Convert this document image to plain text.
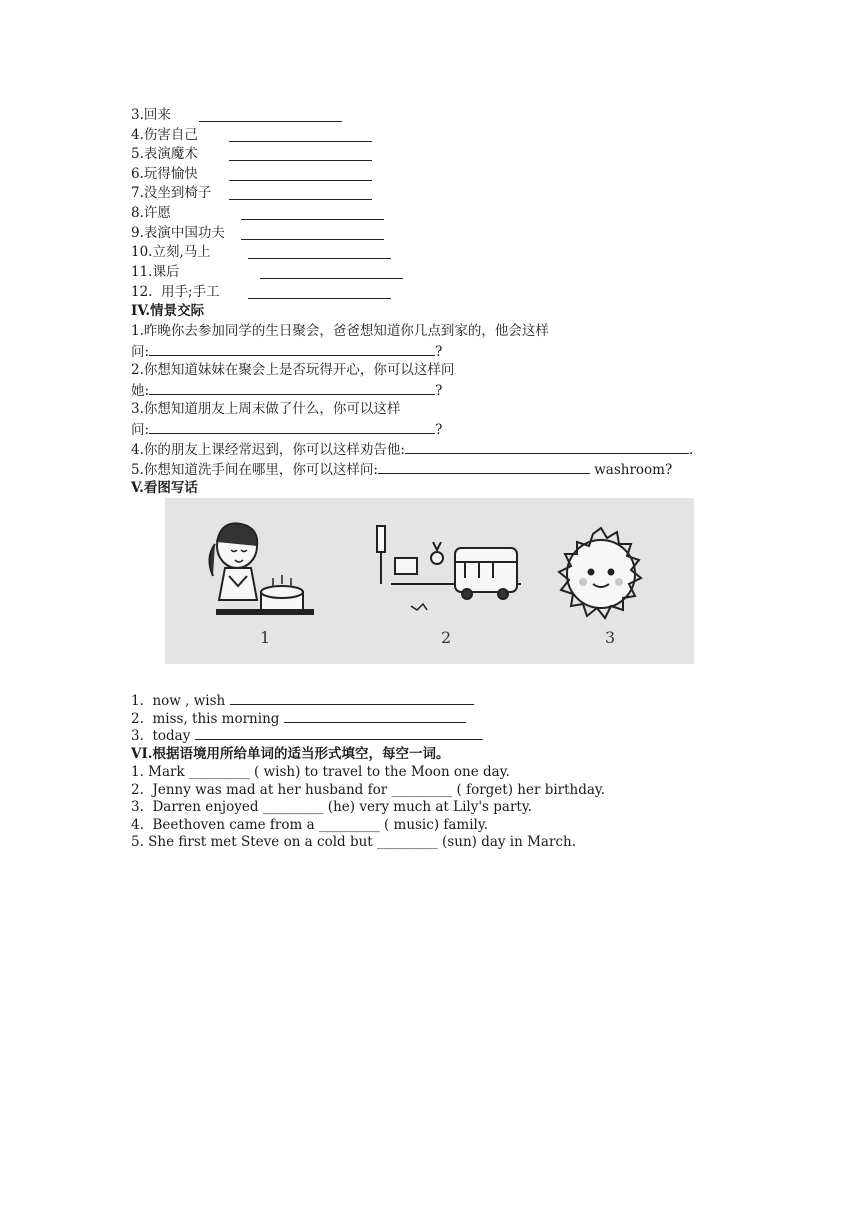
3.回来
4.伤害自己
5.表演魔术
6.玩得愉快
7.没坐到椅子
8.许愿
9.表演中国功夫
10.立刻,马上
11.课后
12.  用手;手工
IV.情景交际
1.昨晚你去参加同学的生日聚会，爸爸想知道你几点到家的，他会这样
问:	?
2.你想知道妹妹在聚会上是否玩得开心，你可以这样问
她:	?
3.你想知道朋友上周末做了什么，你可以这样
问:	?
4.你的朋友上课经常迟到，你可以这样劝告他:	.
5.你想知道洗手间在哪里，你可以这样问:	washroom?
V.看图写话
1	2	3
1.  now , wish
2.  miss, this morning
3.  today
VI.根据语境用所给单词的适当形式填空，每空一词。
1. Mark _________ ( wish) to travel to the Moon one day.
2.  Jenny was mad at her husband for _________ ( forget) her birthday.
3.  Darren enjoyed _________ (he) very much at Lily's party.
4.  Beethoven came from a _________ ( music) family.
5. She first met Steve on a cold but _________ (sun) day in March.
